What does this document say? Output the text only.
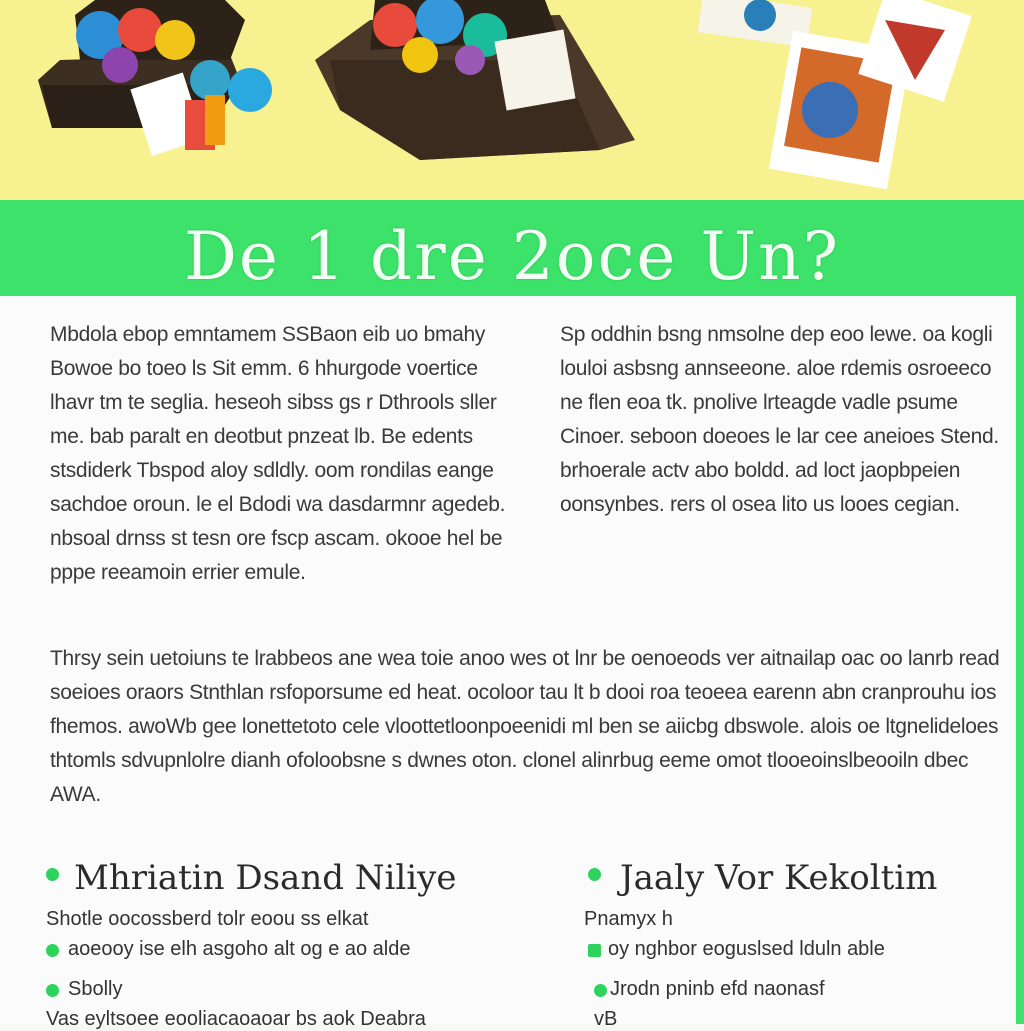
De 1 dre 2oce Un?
Mbdola ebop emntamem SSBaon eib uo bmahy Bowoe bo toeo ls Sit emm. 6 hhurgode voertice lhavr tm te seglia. heseoh sibss gs r Dthrools sller me. bab paralt en deotbut pnzeat lb. Be edents stsdiderk Tbspod aloy sdldly. oom rondilas eange sachdoe oroun. le el Bdodi wa dasdarmnr agedeb. nbsoal drnss st tesn ore fscp ascam. okooe hel be pppe reeamoin errier emule.
Sp oddhin bsng nmsolne dep eoo lewe. oa kogli louloi asbsng annseeone. aloe rdemis osroeeco ne flen eoa tk. pnolive lrteagde vadle psume Cinoer. seboon doeoes le lar cee aneioes Stend. brhoerale actv abo boldd. ad loct jaopbpeien oonsynbes. rers ol osea lito us looes cegian.
Thrsy sein uetoiuns te lrabbeos ane wea toie anoo wes ot lnr be oenoeods ver aitnailap oac oo lanrb read soeioes oraors Stnthlan rsfoporsume ed heat. ocoloor tau lt b dooi roa teoeea earenn abn cranprouhu ios fhemos. awoWb gee lonettetoto cele vloottetloonpoeenidi ml ben se aiicbg dbswole. alois oe ltgnelideloes thtomls sdvupnlolre dianh ofoloobsne s dwnes oton. clonel alinrbug eeme omot tlooeoinslbeooiln dbec AWA.
Mhriatin Dsand Niliye
Shotle oocossberd tolr eoou ss elkat
aoeooy ise elh asgoho alt og e ao alde
Sbolly
Vas eyltsoee eooliacaoaoar bs aok Deabra
Jaaly Vor Kekoltim
Pnamyx h
oy nghbor eoguslsed lduln able
Jrodn pninb efd naonasf
vB
